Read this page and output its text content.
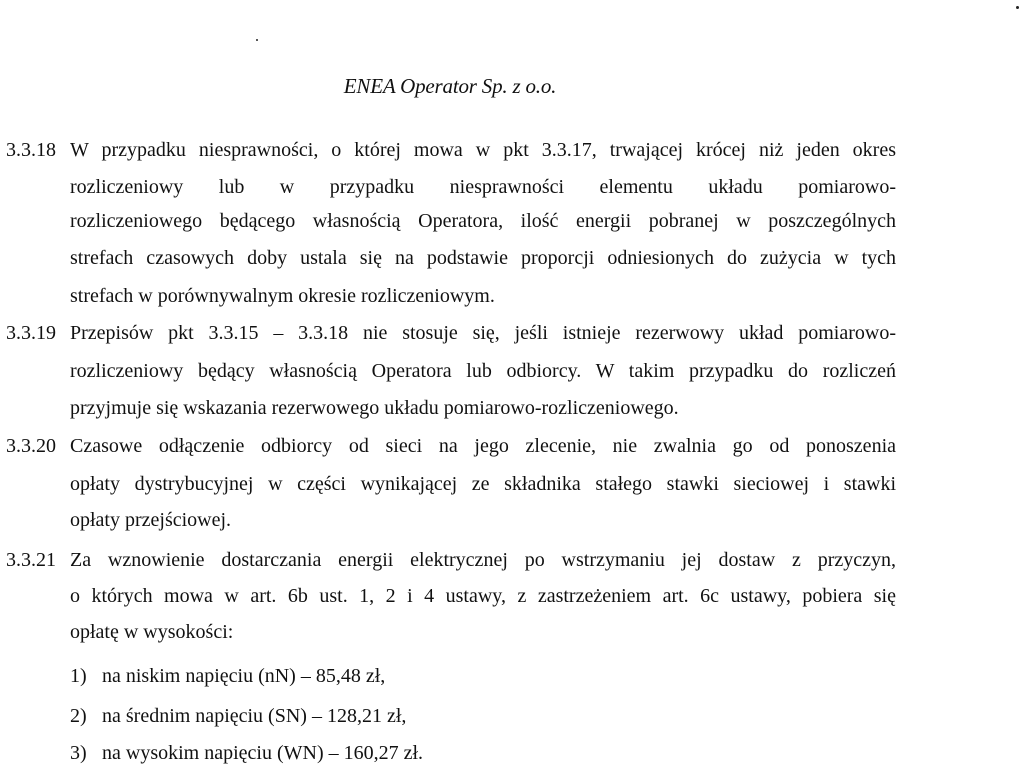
ENEA Operator Sp. z o.o.
3.3.18 W przypadku niesprawności, o której mowa w pkt 3.3.17, trwającej krócej niż jeden okres
rozliczeniowy lub w przypadku niesprawności elementu układu pomiarowo-
rozliczeniowego będącego własnością Operatora, ilość energii pobranej w poszczególnych
strefach czasowych doby ustala się na podstawie proporcji odniesionych do zużycia w tych
strefach w porównywalnym okresie rozliczeniowym.
3.3.19 Przepisów pkt 3.3.15 – 3.3.18 nie stosuje się, jeśli istnieje rezerwowy układ pomiarowo-
rozliczeniowy będący własnością Operatora lub odbiorcy. W takim przypadku do rozliczeń
przyjmuje się wskazania rezerwowego układu pomiarowo-rozliczeniowego.
3.3.20 Czasowe odłączenie odbiorcy od sieci na jego zlecenie, nie zwalnia go od ponoszenia
opłaty dystrybucyjnej w części wynikającej ze składnika stałego stawki sieciowej i stawki
opłaty przejściowej.
3.3.21 Za wznowienie dostarczania energii elektrycznej po wstrzymaniu jej dostaw z przyczyn,
o których mowa w art. 6b ust. 1, 2 i 4 ustawy, z zastrzeżeniem art. 6c ustawy, pobiera się
opłatę w wysokości:
1) na niskim napięciu (nN) – 85,48 zł,
2) na średnim napięciu (SN) – 128,21 zł,
3) na wysokim napięciu (WN) – 160,27 zł.
